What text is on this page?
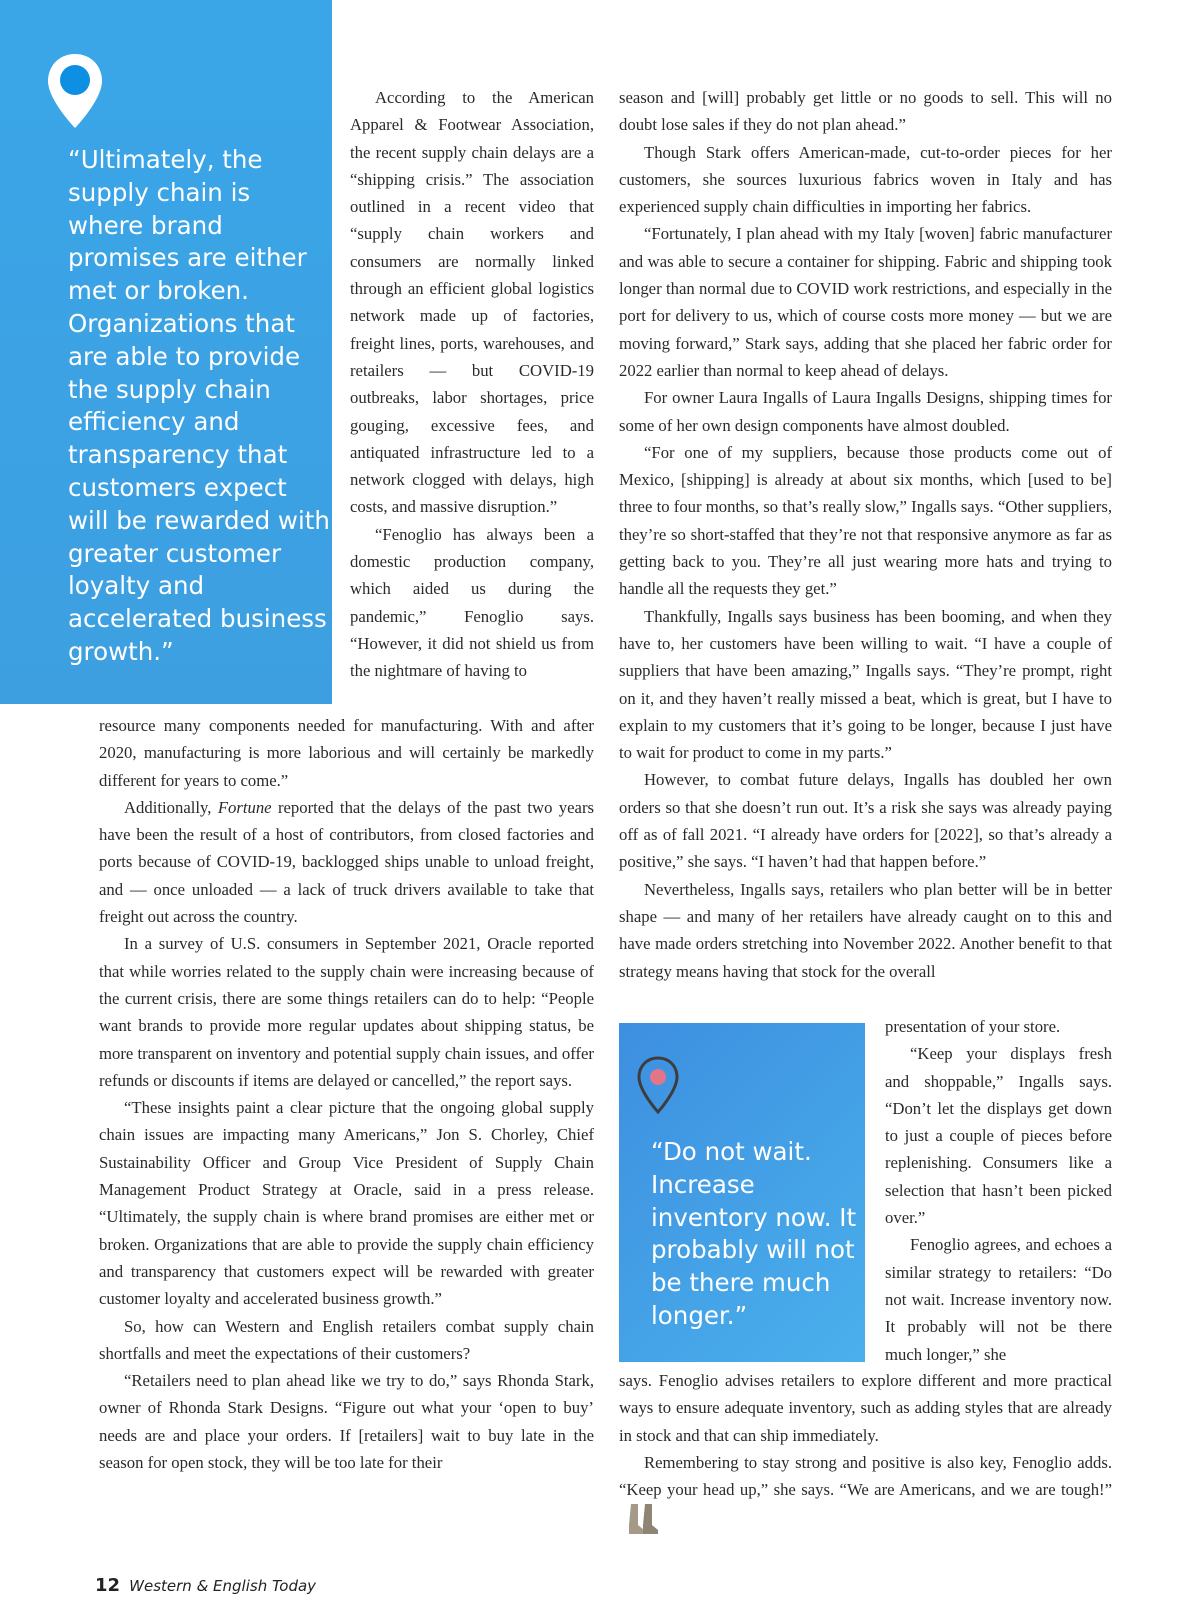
“Ultimately, the supply chain is where brand promises are either met or broken. Organizations that are able to provide the supply chain efficiency and transparency that customers expect will be rewarded with greater customer loyalty and accelerated business growth.”

According to the American Apparel & Footwear Association, the recent supply chain delays are a “shipping crisis.” The association outlined in a recent video that “supply chain workers and consumers are normally linked through an efficient global logistics network made up of factories, freight lines, ports, warehouses, and retailers — but COVID-19 outbreaks, labor shortages, price gouging, excessive fees, and antiquated infrastructure led to a network clogged with delays, high costs, and massive disruption.”

“Fenoglio has always been a domestic production company, which aided us during the pandemic,” Fenoglio says. “However, it did not shield us from the nightmare of having to

resource many components needed for manufacturing. With and after 2020, manufacturing is more laborious and will certainly be markedly different for years to come.”

Additionally, Fortune reported that the delays of the past two years have been the result of a host of contributors, from closed factories and ports because of COVID-19, backlogged ships unable to unload freight, and — once unloaded — a lack of truck drivers available to take that freight out across the country.

In a survey of U.S. consumers in September 2021, Oracle reported that while worries related to the supply chain were increasing because of the current crisis, there are some things retailers can do to help: “People want brands to provide more regular updates about shipping status, be more transparent on inventory and potential supply chain issues, and offer refunds or discounts if items are delayed or cancelled,” the report says.

“These insights paint a clear picture that the ongoing global supply chain issues are impacting many Americans,” Jon S. Chorley, Chief Sustainability Officer and Group Vice President of Supply Chain Management Product Strategy at Oracle, said in a press release. “Ultimately, the supply chain is where brand promises are either met or broken. Organizations that are able to provide the supply chain efficiency and transparency that customers expect will be rewarded with greater customer loyalty and accelerated business growth.”

So, how can Western and English retailers combat supply chain shortfalls and meet the expectations of their customers?

“Retailers need to plan ahead like we try to do,” says Rhonda Stark, owner of Rhonda Stark Designs. “Figure out what your ‘open to buy’ needs are and place your orders. If [retailers] wait to buy late in the season for open stock, they will be too late for their

season and [will] probably get little or no goods to sell. This will no doubt lose sales if they do not plan ahead.”

Though Stark offers American-made, cut-to-order pieces for her customers, she sources luxurious fabrics woven in Italy and has experienced supply chain difficulties in importing her fabrics.

“Fortunately, I plan ahead with my Italy [woven] fabric manufacturer and was able to secure a container for shipping. Fabric and shipping took longer than normal due to COVID work restrictions, and especially in the port for delivery to us, which of course costs more money — but we are moving forward,” Stark says, adding that she placed her fabric order for 2022 earlier than normal to keep ahead of delays.

For owner Laura Ingalls of Laura Ingalls Designs, shipping times for some of her own design components have almost doubled.

“For one of my suppliers, because those products come out of Mexico, [shipping] is already at about six months, which [used to be] three to four months, so that’s really slow,” Ingalls says. “Other suppliers, they’re so short-staffed that they’re not that responsive anymore as far as getting back to you. They’re all just wearing more hats and trying to handle all the requests they get.”

Thankfully, Ingalls says business has been booming, and when they have to, her customers have been willing to wait. “I have a couple of suppliers that have been amazing,” Ingalls says. “They’re prompt, right on it, and they haven’t really missed a beat, which is great, but I have to explain to my customers that it’s going to be longer, because I just have to wait for product to come in my parts.”

However, to combat future delays, Ingalls has doubled her own orders so that she doesn’t run out. It’s a risk she says was already paying off as of fall 2021. “I already have orders for [2022], so that’s already a positive,” she says. “I haven’t had that happen before.”

Nevertheless, Ingalls says, retailers who plan better will be in better shape — and many of her retailers have already caught on to this and have made orders stretching into November 2022. Another benefit to that strategy means having that stock for the overall

“Do not wait. Increase inventory now. It probably will not be there much longer.”

presentation of your store.

“Keep your displays fresh and shoppable,” Ingalls says. “Don’t let the displays get down to just a couple of pieces before replenishing. Consumers like a selection that hasn’t been picked over.”

Fenoglio agrees, and echoes a similar strategy to retailers: “Do not wait. Increase inventory now. It probably will not be there much longer,” she

says. Fenoglio advises retailers to explore different and more practical ways to ensure adequate inventory, such as adding styles that are already in stock and that can ship immediately.

Remembering to stay strong and positive is also key, Fenoglio adds. “Keep your head up,” she says. “We are Americans, and we are tough!”

12 Western & English Today
